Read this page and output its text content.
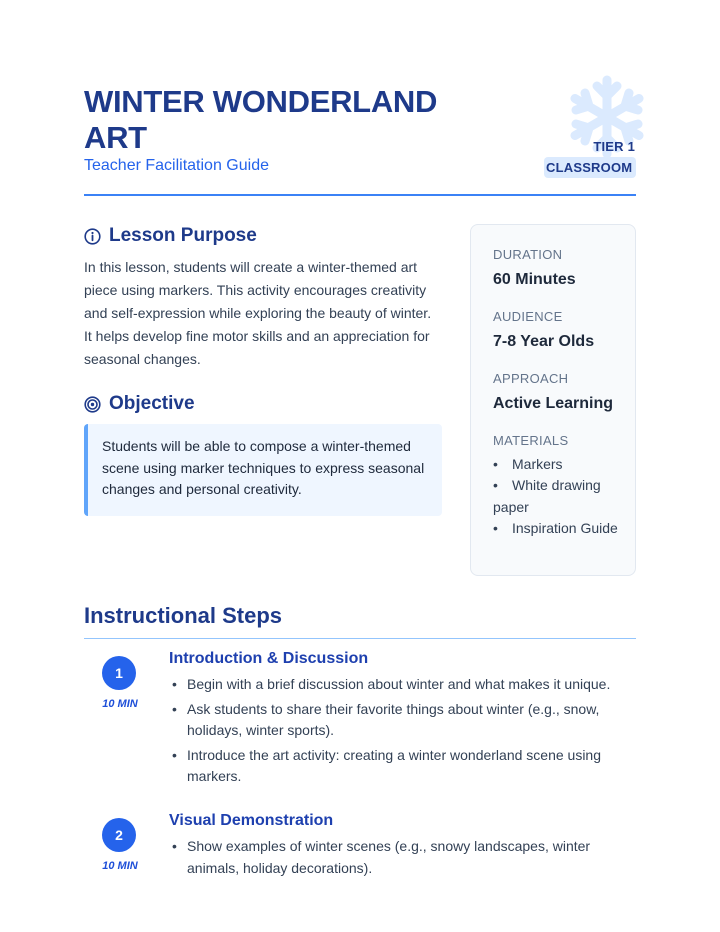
WINTER WONDERLAND ART

Teacher Facilitation Guide

TIER 1
CLASSROOM
Lesson Purpose

In this lesson, students will create a winter-themed art piece using markers. This activity encourages creativity and self-expression while exploring the beauty of winter. It helps develop fine motor skills and an appreciation for seasonal changes.

Objective
Students will be able to compose a winter-themed scene using marker techniques to express seasonal changes and personal creativity.

DURATION

60 Minutes

AUDIENCE

7-8 Year Olds

APPROACH

Active Learning

MATERIALS

• Markers
• White drawing paper
• Inspiration Guide
Instructional Steps
1
10 MIN

Introduction & Discussion

• Begin with a brief discussion about winter and what makes it unique.
• Ask students to share their favorite things about winter (e.g., snow, holidays, winter sports).
• Introduce the art activity: creating a winter wonderland scene using markers.
2
10 MIN

Visual Demonstration

• Show examples of winter scenes (e.g., snowy landscapes, winter animals, holiday decorations).
